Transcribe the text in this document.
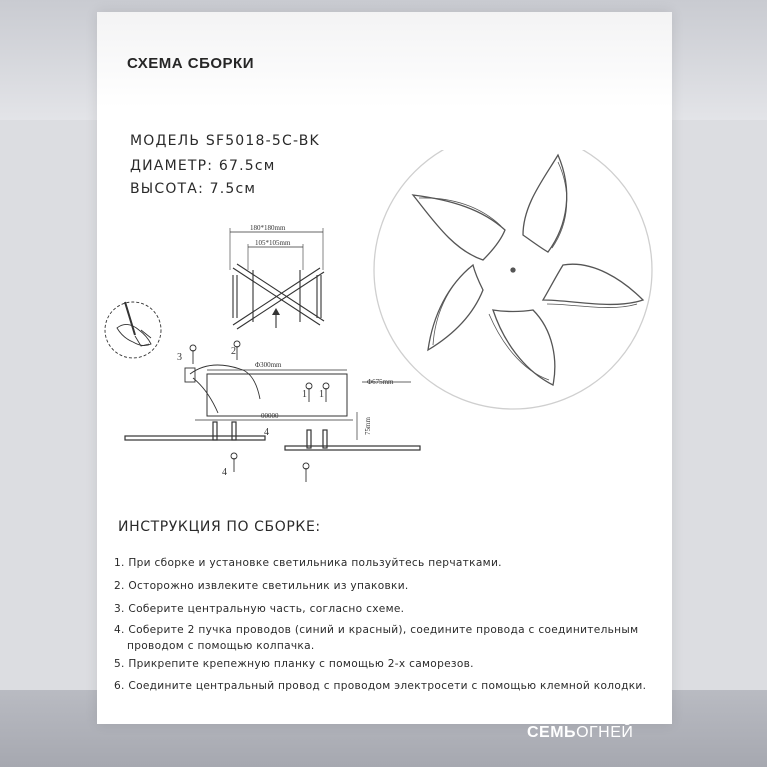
СХЕМА СБОРКИ
МОДЕЛЬ SF5018-5C-BK
ДИАМЕТР: 67.5см
ВЫСОТА: 7.5см
180*180mm
105*105mm
3
2
1 1
4
4
Φ300mm
00000
75mm
Φ675mm
ИНСТРУКЦИЯ ПО СБОРКЕ:
1. При сборке и установке светильника пользуйтесь перчатками.
2. Осторожно извлеките светильник из упаковки.
3. Соберите центральную часть, согласно схеме.
4. Соберите 2 пучка проводов (синий и красный), соедините провода с соединительным
проводом с помощью колпачка.
5. Прикрепите крепежную планку с помощью 2-х саморезов.
6. Соедините центральный провод с проводом электросети с помощью клемной колодки.
СЕМЬОГНЕЙ
